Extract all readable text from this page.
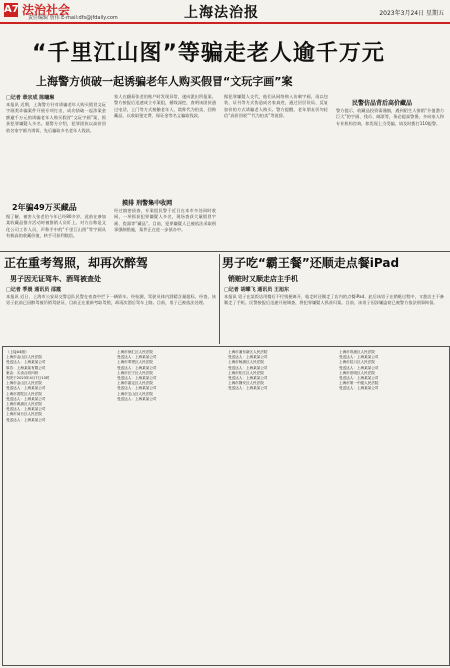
A7 法治社会
责任编辑 詹伟 E-mail:dfs@jfdaily.com	上海法治报	2023年3月24日 星期五
“千里江山图”等骗走老人逾千万元
上海警方侦破一起诱骗老年人购买假冒“文玩字画”案
□记者 章宗成 陈曦琳
本报讯 近期，上海警方针对诱骗老年人购买假冒文玩字画类诈骗案件开展专项打击，成功侦破一起涉案金额逾千万元的诱骗老年人购买假冒“文玩字画”案，抓获犯罪嫌疑人多名。据警方介绍，犯罪团伙以高价回收名家字画为诱饵，先后骗取多名老年人钱款。
2年骗49万买藏品
据了解，被害人张老伯今年已经80多岁，此前在参加某收藏品推介活动时被推销人员盯上。对方自称是文化公司工作人员，声称手中的“千里江山图”等字画具有极高的收藏价值，转手可获利数倍。
家人在翻看张老伯账户时发现异常，遂向派出所报案。警方接报后迅速成立专案组，循线深挖，查明该团伙通过电话、上门等方式接触老年人，谎称代为拍卖、回购藏品，以收取鉴定费、保证金等名义骗取钱款。
摸排 刑警集中收网
经过缜密侦查，专案组民警于近日在本市多处同时收网，一举抓获犯罪嫌疑人多名，现场查获大量假冒字画、瓷器等“藏品”。目前，犯罪嫌疑人已被依法采取刑事强制措施，案件正在进一步侦办中。
据犯罪嫌疑人交代，他们从网络购入仿制字画，再以包装、证书等方式伪造成名家真迹，通过层层设局、反复加价的方式诱骗老人购买。警方提醒，老年朋友切勿轻信“高价回收”“代为拍卖”等说辞。
民警仿品背后高价藏品
警方提示，收藏品投资需谨慎，遇到陌生人推销“升值潜力巨大”的字画、钱币、邮票等，务必提高警惕，多向家人和专业机构咨询，如发现上当受骗，请及时拨打110报警。
正在重考驾照，却再次醉驾
男子因无证驾车、酒驾被查处
□记者 季晨 通讯员 邵霞
本报讯 近日，上海市公安局交警总队民警在夜查中拦下一辆轿车。经检测，驾驶员体内酒精含量超标。经查，该男子此前已因醉驾被吊销驾驶证，目前正在重新考取驾照，却再次酒后驾车上路。目前，男子已被依法处理。
男子吃“霸王餐”还顺走点餐iPad
销赃时又顺走店主手机
□记者 胡蝶飞 通讯员 王旭东
本报讯 男子在某饭店用餐后不付钱便离开，临走时还顺走了店内的点餐iPad。此后该男子在销赃过程中，又趁店主不备顺走了手机。民警接报后迅速开展调查，将犯罪嫌疑人抓获归案。目前，该男子因涉嫌盗窃已被警方依法刑事拘留。
（上接A4版）
上海市金山区人民法院
受送达人：上海某某公司
原告：上海某某有限公司
案由：买卖合同纠纷
判决于2023年4月7日10时
上海市金山区人民法院
受送达人：上海某某公司
上海市普陀区人民法院
受送达人：上海某某公司
上海市黄浦区人民法院
受送达人：上海某某公司
上海市闵行区人民法院
受送达人：上海某某公司
上海市徐汇区人民法院
受送达人：上海某某公司
上海市奉贤区人民法院
受送达人：上海某某公司
上海市长宁区人民法院
受送达人：上海某某公司
上海市嘉定区人民法院
受送达人：上海某某公司
上海市宝山区人民法院
受送达人：上海某某公司
上海市浦东新区人民法院
受送达人：上海某某公司
上海市杨浦区人民法院
受送达人：上海某某公司
上海市松江区人民法院
受送达人：上海某某公司
上海市静安区人民法院
受送达人：上海某某公司
上海市青浦区人民法院
受送达人：上海某某公司
上海市虹口区人民法院
受送达人：上海某某公司
上海市崇明区人民法院
受送达人：上海某某公司
上海市第一中级人民法院
受送达人：上海某某公司
